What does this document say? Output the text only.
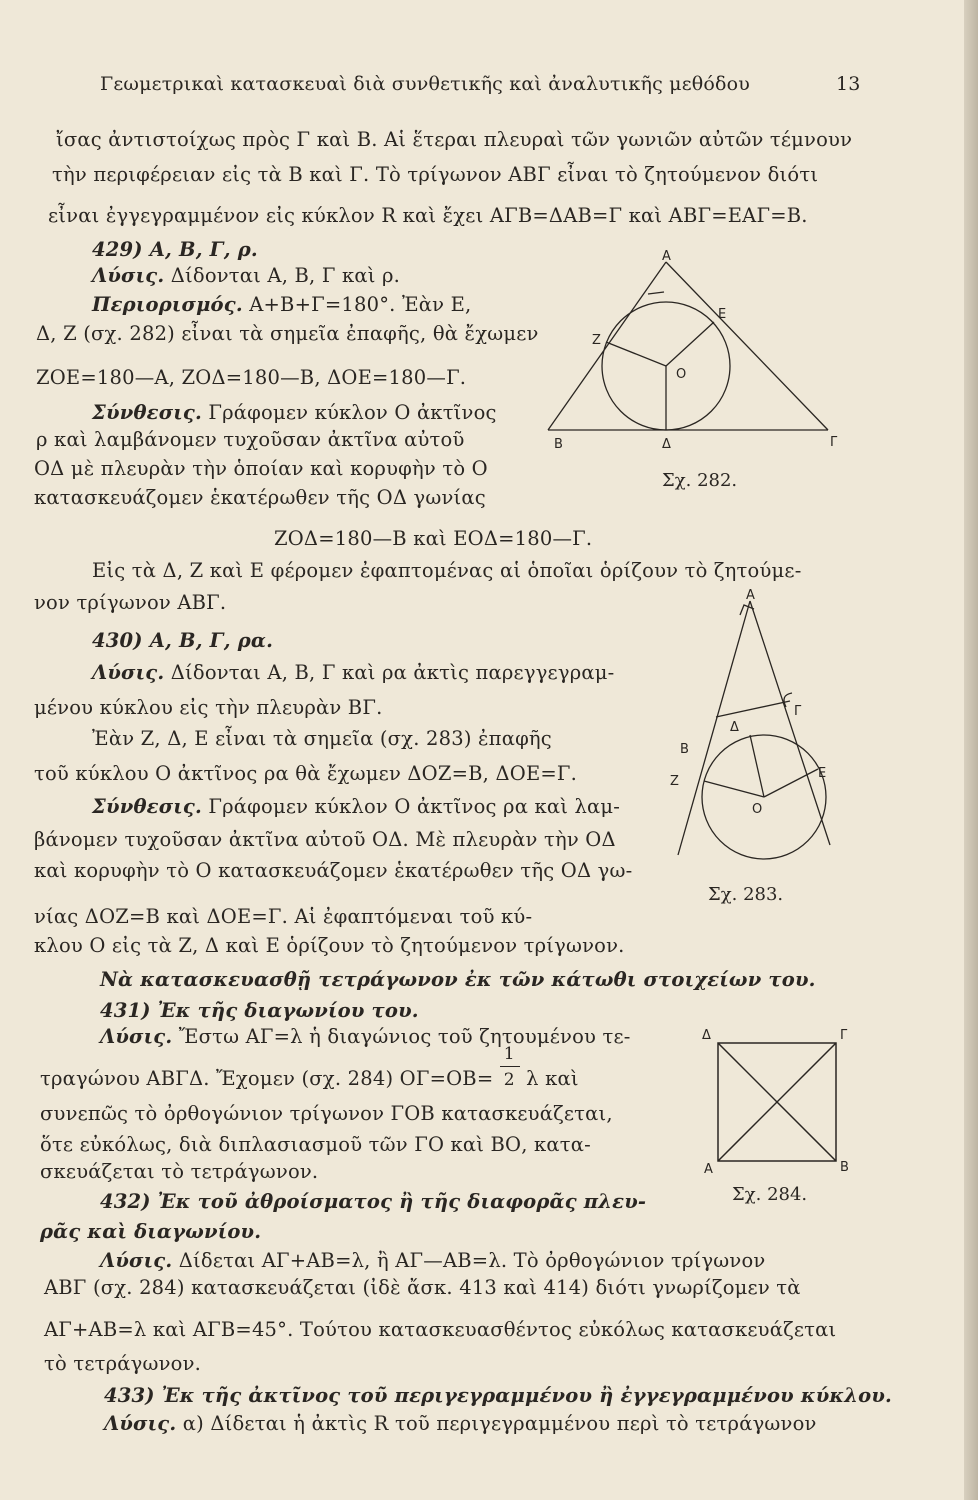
Γεωμετρικαὶ κατασκευαὶ διὰ συνθετικῆς καὶ ἀναλυτικῆς μεθόδου	13
ἴσας ἀντιστοίχως πρὸς Γ καὶ Β. Αἱ ἕτεραι πλευραὶ τῶν γωνιῶν αὐτῶν τέμνουν
τὴν περιφέρειαν εἰς τὰ Β καὶ Γ. Τὸ τρίγωνον ΑΒΓ εἶναι τὸ ζητούμενον διότι
εἶναι ἐγγεγραμμένον εἰς κύκλον R καὶ ἔχει ΑΓΒ=ΔΑΒ=Γ καὶ ΑΒΓ=ΕΑΓ=Β.
429) Α, Β, Γ, ρ.
Λύσις. Δίδονται Α, Β, Γ καὶ ρ.
Περιορισμός. Α+Β+Γ=180°. Ἐὰν Ε,
Δ, Ζ (σχ. 282) εἶναι τὰ σημεῖα ἐπαφῆς, θὰ ἔχωμεν
ΖΟΕ=180—Α, ΖΟΔ=180—Β, ΔΟΕ=180—Γ.
Σύνθεσις. Γράφομεν κύκλον Ο ἀκτῖνος
ρ καὶ λαμβάνομεν τυχοῦσαν ἀκτῖνα αὐτοῦ
ΟΔ μὲ πλευρὰν τὴν ὁποίαν καὶ κορυφὴν τὸ Ο
κατασκευάζομεν ἑκατέρωθεν τῆς ΟΔ γωνίας
ΖΟΔ=180—Β καὶ ΕΟΔ=180—Γ.
Εἰς τὰ Δ, Ζ καὶ Ε φέρομεν ἐφαπτομένας αἱ ὁποῖαι ὁρίζουν τὸ ζητούμε-
νον τρίγωνον ΑΒΓ.
430) Α, Β, Γ, ρα.
Λύσις. Δίδονται Α, Β, Γ καὶ ρα ἀκτὶς παρεγγεγραμ-
μένου κύκλου εἰς τὴν πλευρὰν ΒΓ.
Ἐὰν Ζ, Δ, Ε εἶναι τὰ σημεῖα (σχ. 283) ἐπαφῆς
τοῦ κύκλου Ο ἀκτῖνος ρα θὰ ἔχωμεν ΔΟΖ=Β, ΔΟΕ=Γ.
Σύνθεσις. Γράφομεν κύκλον Ο ἀκτῖνος ρα καὶ λαμ-
βάνομεν τυχοῦσαν ἀκτῖνα αὐτοῦ ΟΔ. Μὲ πλευρὰν τὴν ΟΔ
καὶ κορυφὴν τὸ Ο κατασκευάζομεν ἑκατέρωθεν τῆς ΟΔ γω-
νίας ΔΟΖ=Β καὶ ΔΟΕ=Γ. Αἱ ἐφαπτόμεναι τοῦ κύ-
κλου Ο εἰς τὰ Ζ, Δ καὶ Ε ὁρίζουν τὸ ζητούμενον τρίγωνον.
Νὰ κατασκευασθῇ τετράγωνον ἐκ τῶν κάτωθι στοιχείων του.
431) Ἐκ τῆς διαγωνίου του.
Λύσις. Ἔστω ΑΓ=λ ἡ διαγώνιος τοῦ ζητουμένου τε-
τραγώνου ΑΒΓΔ. Ἔχομεν (σχ. 284) $O\Gamma=OB= \frac{1}{2}$ λ καὶ
συνεπῶς τὸ ὀρθογώνιον τρίγωνον ΓΟΒ κατασκευάζεται,
ὅτε εὐκόλως, διὰ διπλασιασμοῦ τῶν ΓΟ καὶ ΒΟ, κατα-
σκευάζεται τὸ τετράγωνον.
432) Ἐκ τοῦ ἀθροίσματος ἢ τῆς διαφορᾶς πλευ-
ρᾶς καὶ διαγωνίου.
Λύσις. Δίδεται ΑΓ+ΑΒ=λ, ἢ ΑΓ—ΑΒ=λ. Τὸ ὀρθογώνιον τρίγωνον
ΑΒΓ (σχ. 284) κατασκευάζεται (ἰδὲ ἄσκ. 413 καὶ 414) διότι γνωρίζομεν τὰ
ΑΓ+ΑΒ=λ καὶ ΑΓΒ=45°. Τούτου κατασκευασθέντος εὐκόλως κατασκευάζεται
τὸ τετράγωνον.
433) Ἐκ τῆς ἀκτῖνος τοῦ περιγεγραμμένου ἢ ἐγγεγραμμένου κύκλου.
Λύσις. α) Δίδεται ἡ ἀκτὶς R τοῦ περιγεγραμμένου περὶ τὸ τετράγωνον
A
B	Γ
Δ
E
Z
O
Σχ. 282.
A
B
Γ
Δ
E
Z
O
Σχ. 283.
Δ	Γ
A	B
Σχ. 284.
